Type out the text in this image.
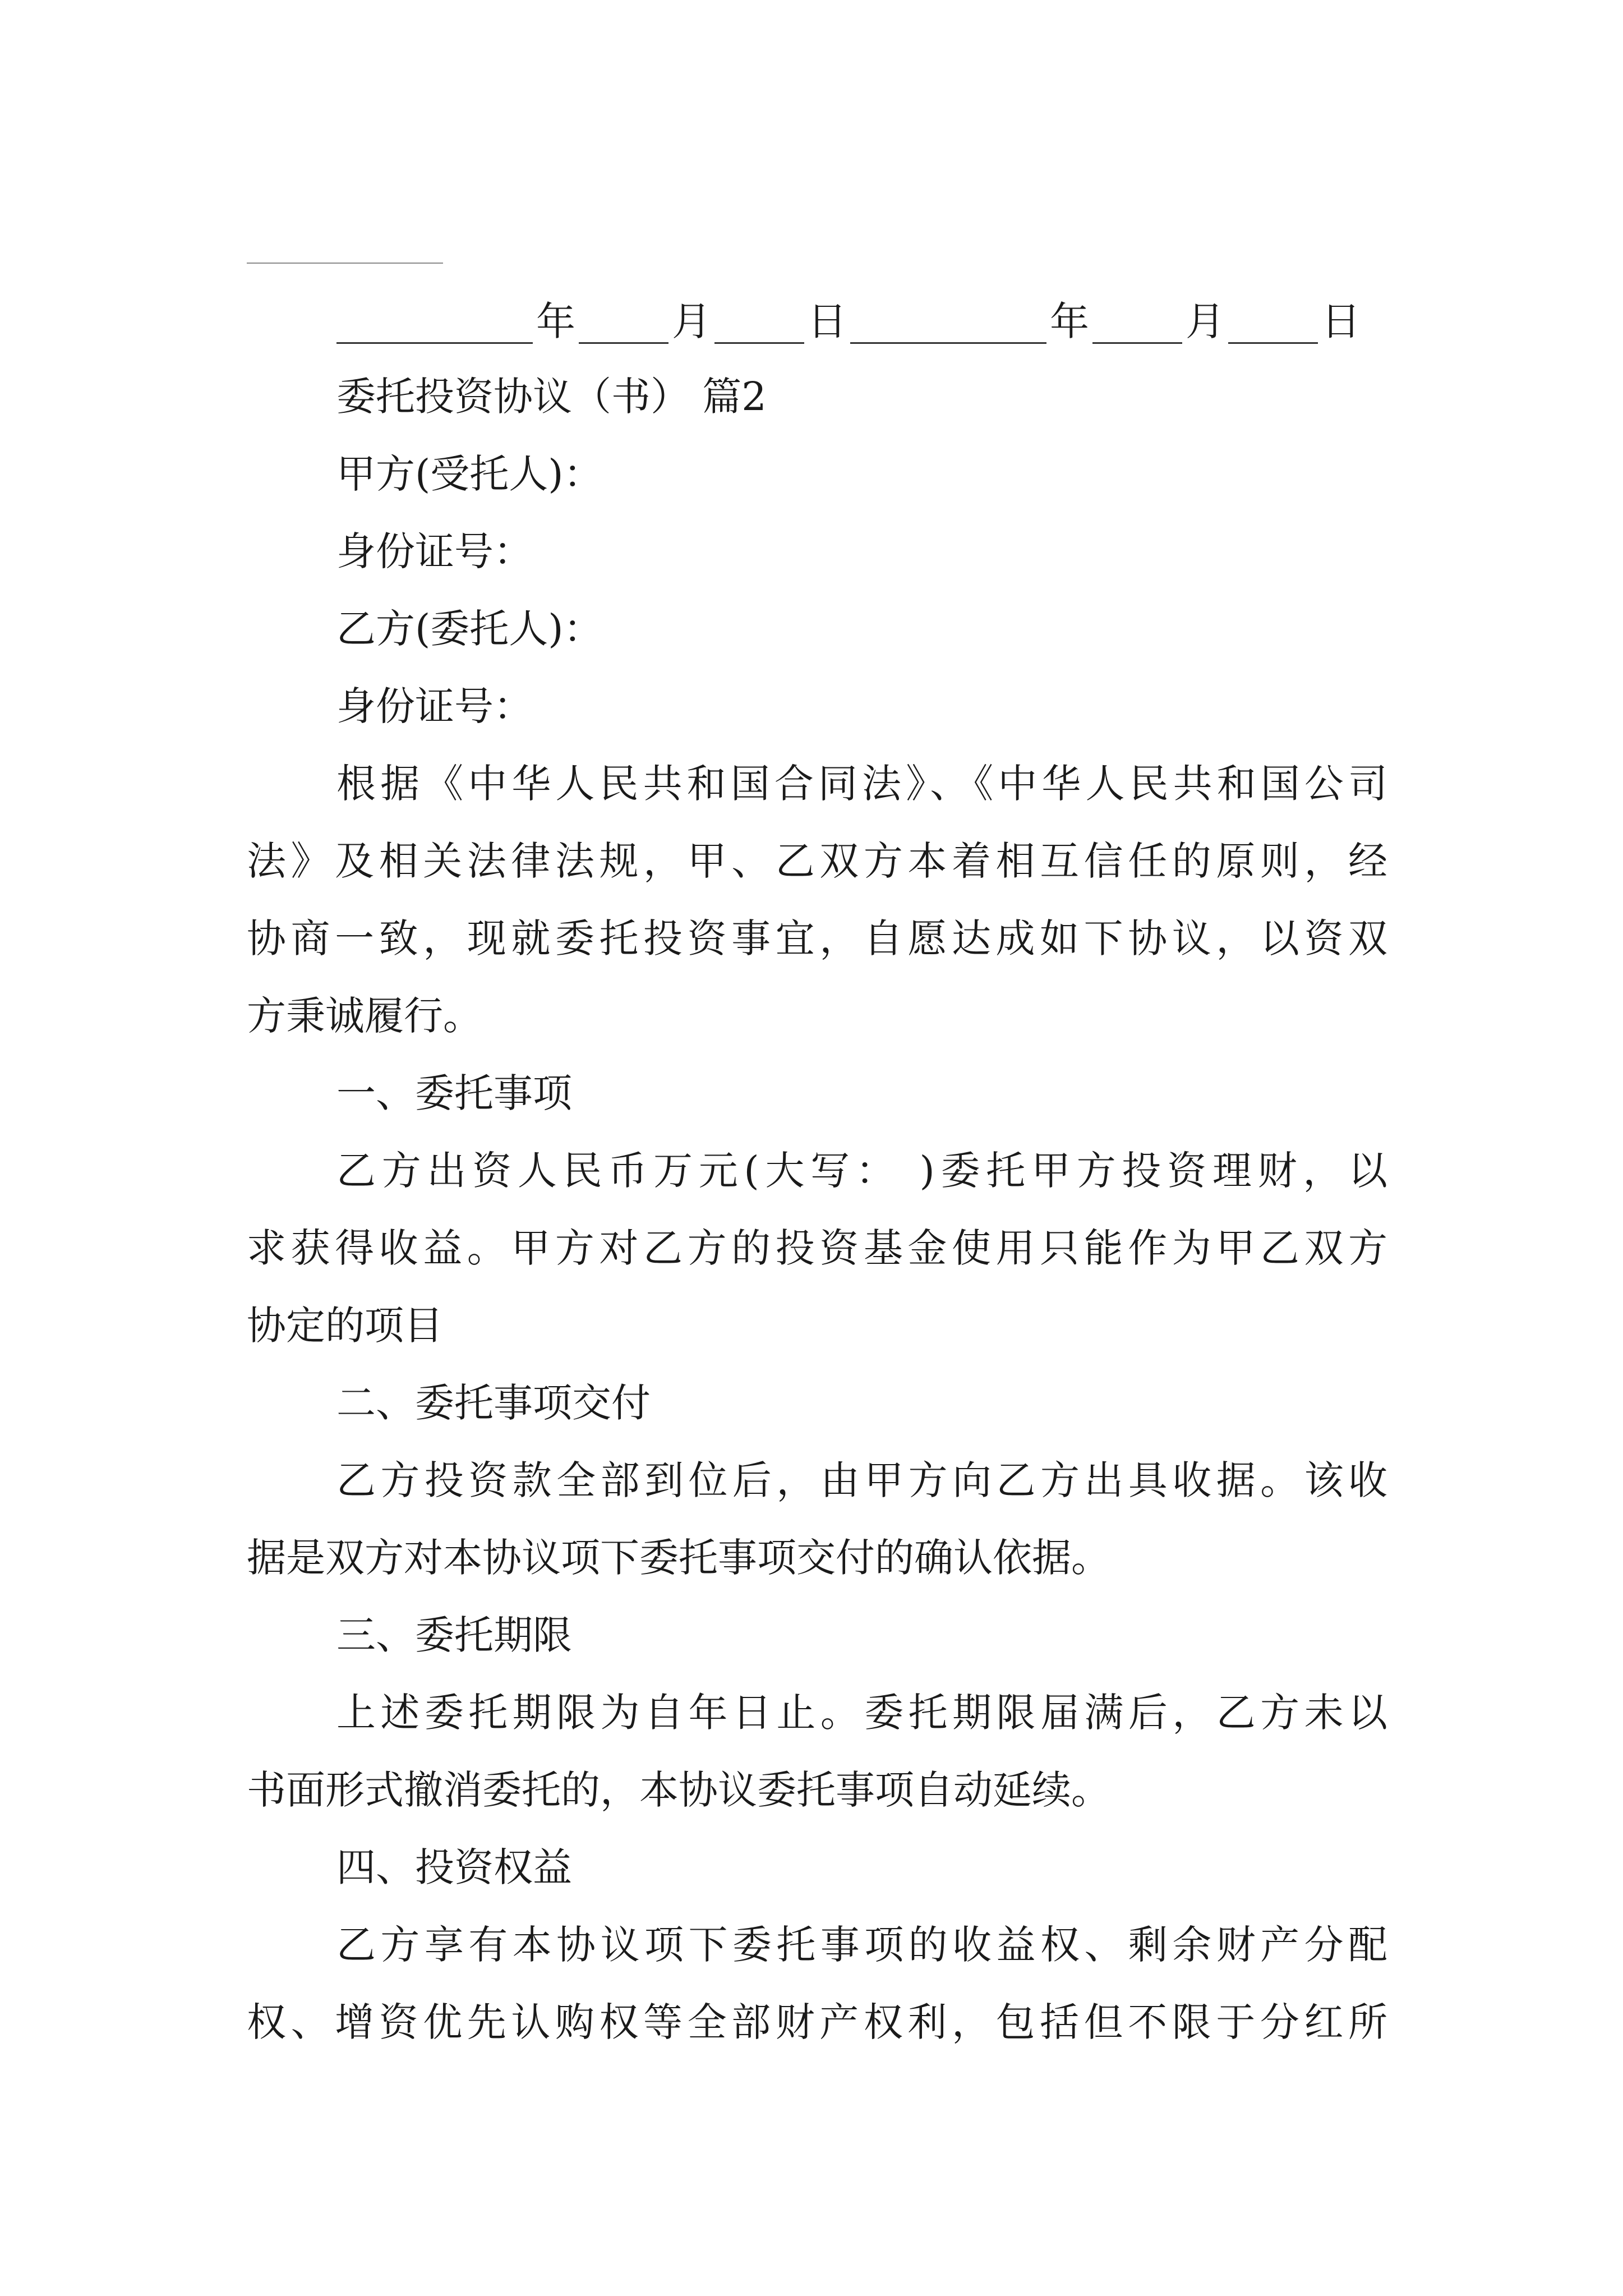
年 月 日	年 月 日
委托投资协议（书） 篇2
甲方(受托人)：
身份证号：
乙方(委托人)：
身份证号：
根据《中华人民共和国合同法》、《中华人民共和国公司
法》及相关法律法规，甲、乙双方本着相互信任的原则，经
协商一致，现就委托投资事宜，自愿达成如下协议，以资双
方秉诚履行。
一、委托事项
乙方出资人民币万元(大写： )委托甲方投资理财，以
求获得收益。甲方对乙方的投资基金使用只能作为甲乙双方
协定的项目
二、委托事项交付
乙方投资款全部到位后，由甲方向乙方出具收据。该收
据是双方对本协议项下委托事项交付的确认依据。
三、委托期限
上述委托期限为自年日止。委托期限届满后，乙方未以
书面形式撤消委托的，本协议委托事项自动延续。
四、投资权益
乙方享有本协议项下委托事项的收益权、剩余财产分配
权、增资优先认购权等全部财产权利，包括但不限于分红所
